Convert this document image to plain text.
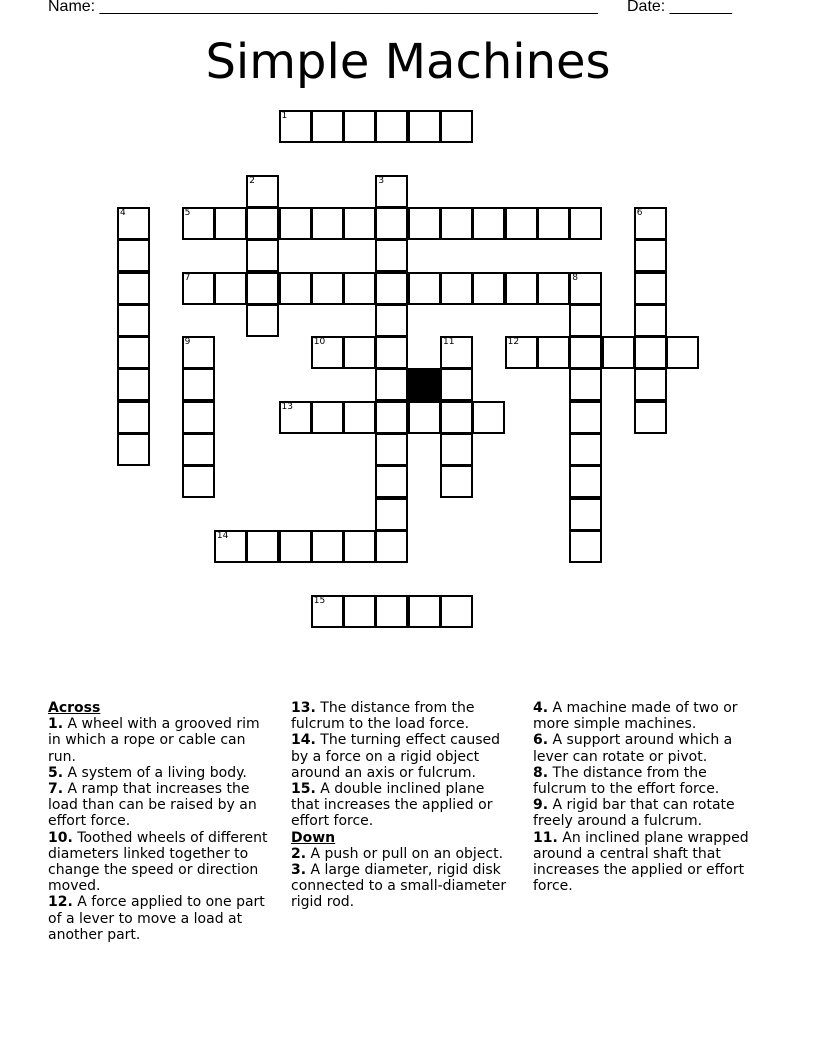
Name: ________________________________________________________ Date: _______
Simple Machines
1
2	3
4	5	6
7	8
9	10	11	12
13
14
15

Across

1. A wheel with a grooved rim in which a rope or cable can run.

5. A system of a living body.

7. A ramp that increases the load than can be raised by an effort force.

10. Toothed wheels of different diameters linked together to change the speed or direction moved.

12. A force applied to one part of a lever to move a load at another part.

13. The distance from the fulcrum to the load force.

14. The turning effect caused by a force on a rigid object around an axis or fulcrum.

15. A double inclined plane that increases the applied or effort force.

Down

2. A push or pull on an object.

3. A large diameter, rigid disk connected to a small-diameter rigid rod.

4. A machine made of two or more simple machines.

6. A support around which a lever can rotate or pivot.

8. The distance from the fulcrum to the effort force.

9. A rigid bar that can rotate freely around a fulcrum.

11. An inclined plane wrapped around a central shaft that increases the applied or effort force.
